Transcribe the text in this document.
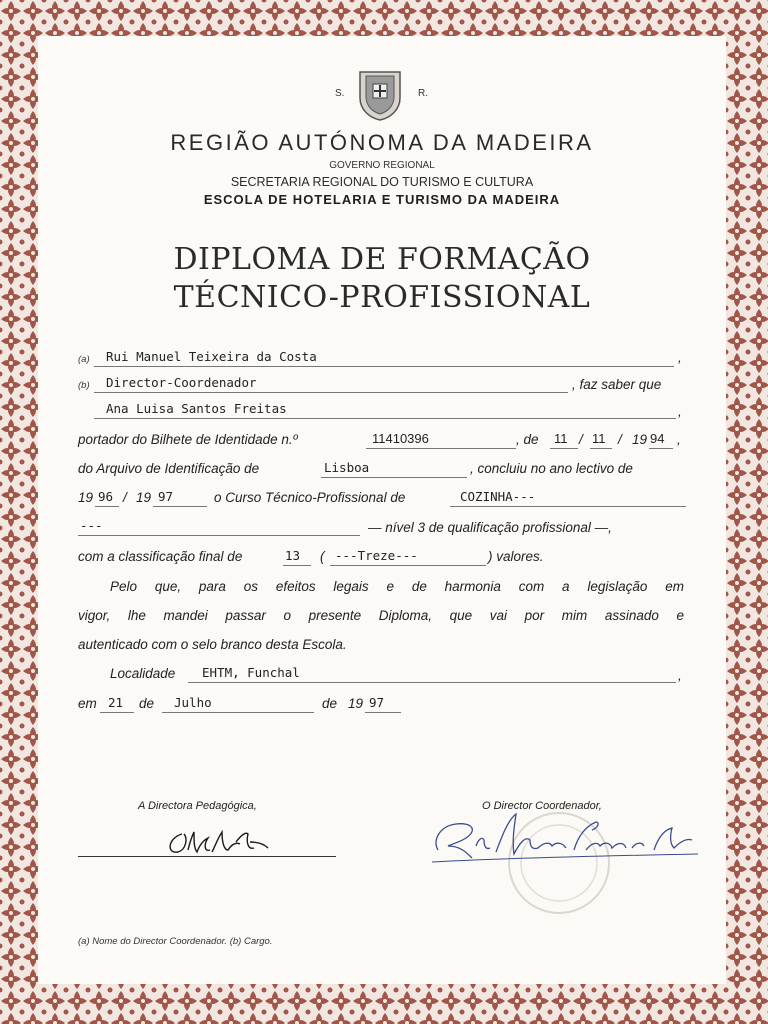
S.	R.
REGIÃO AUTÓNOMA DA MADEIRA
GOVERNO REGIONAL
SECRETARIA REGIONAL DO TURISMO E CULTURA
ESCOLA DE HOTELARIA E TURISMO DA MADEIRA
DIPLOMA DE FORMAÇÃO
TÉCNICO-PROFISSIONAL
(a) Rui Manuel Teixeira da Costa	,
(b) Director-Coordenador	, faz saber que
Ana Luisa Santos Freitas	,
portador do Bilhete de Identidade n.º	11410396	, de 11 / 11 / 19 94 ,
do Arquivo de Identificação de	Lisboa	, concluiu no ano lectivo de
19 96 / 19 97	o Curso Técnico-Profissional de	COZINHA---
---	— nível 3 de qualificação profissional —,
com a classificação final de	13 ( ---Treze---	) valores.
Pelo que, para os efeitos legais e de harmonia com a legislação em
vigor, lhe mandei passar o presente Diploma, que vai por mim assinado e
autenticado com o selo branco desta Escola.
Localidade EHTM, Funchal	,
em 21 de Julho	de 19 97
A Directora Pedagógica,	O Director Coordenador,
(a) Nome do Director Coordenador. (b) Cargo.
